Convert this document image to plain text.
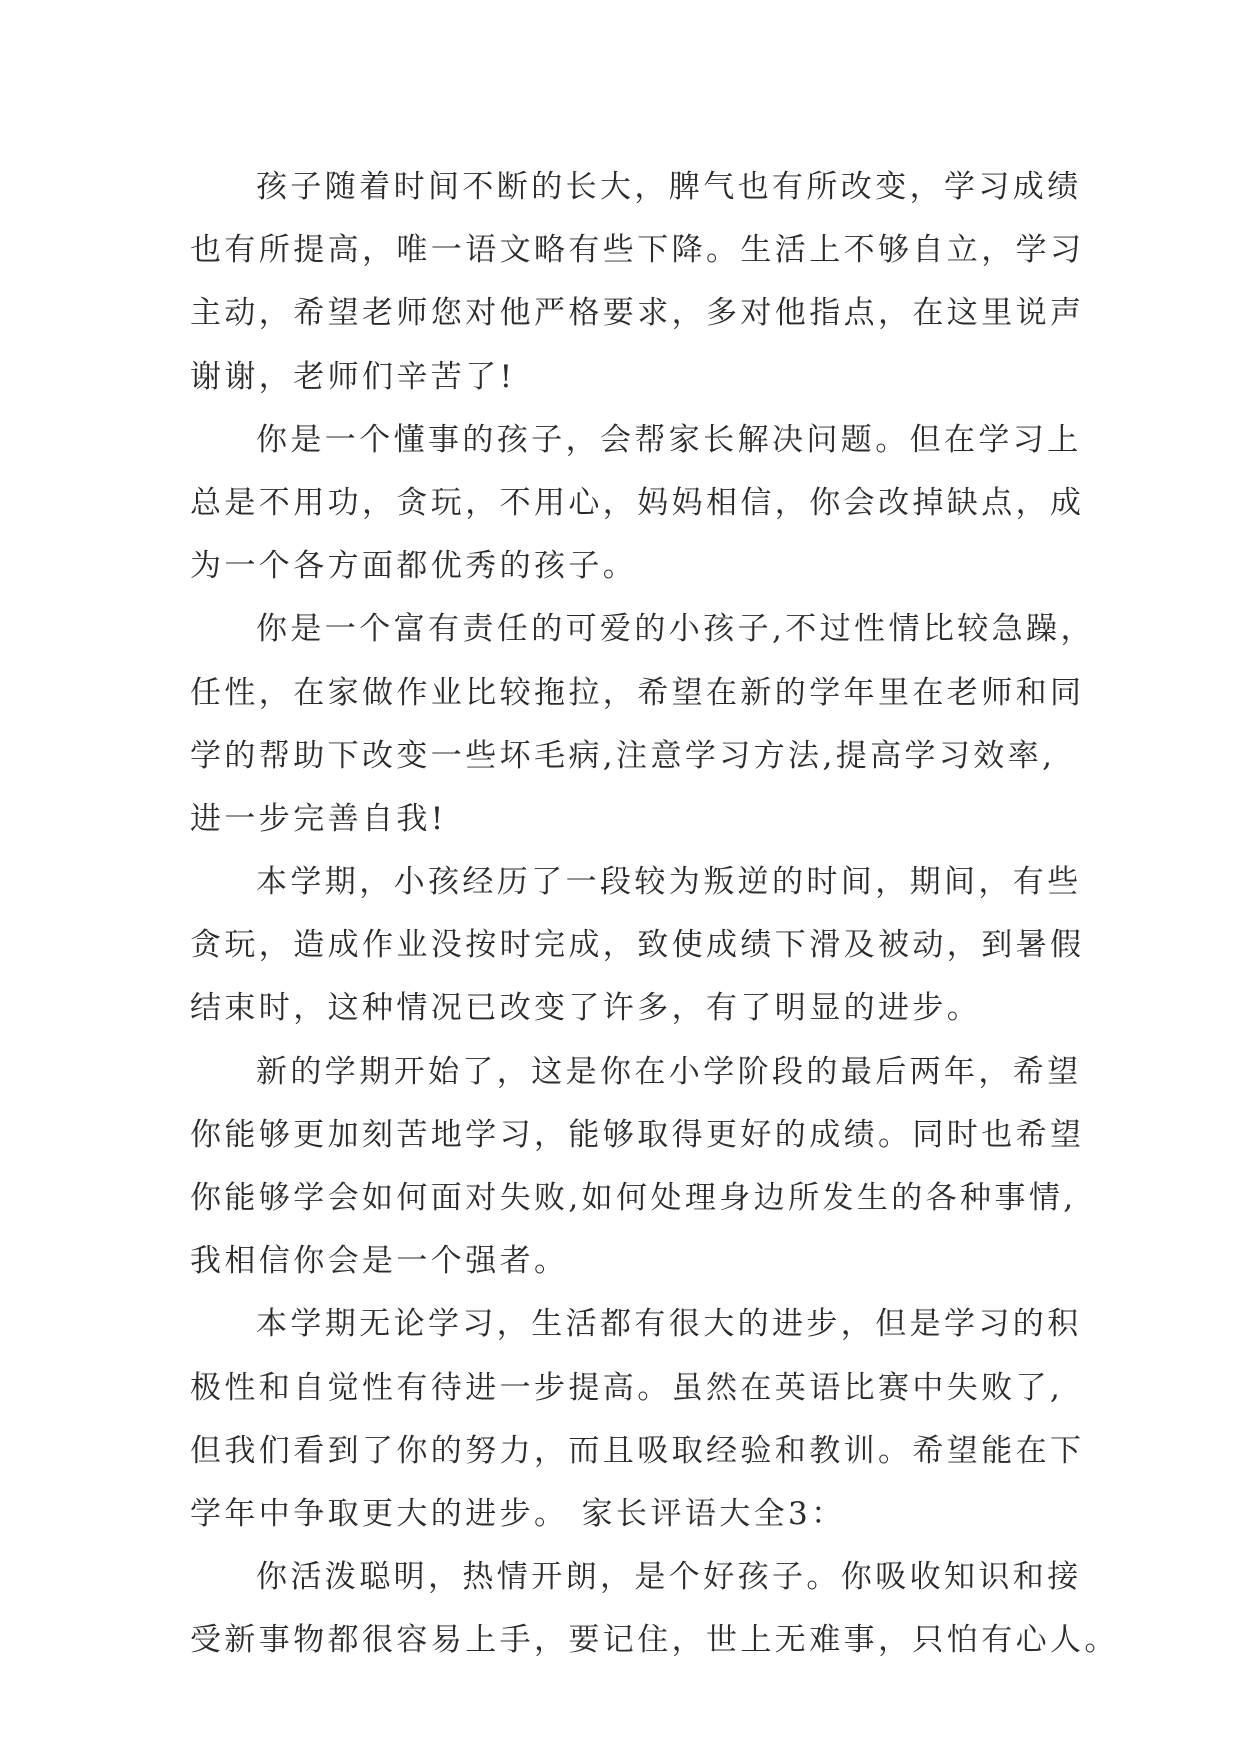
孩子随着时间不断的长大，脾气也有所改变，学习成绩
也有所提高，唯一语文略有些下降。生活上不够自立，学习
主动，希望老师您对他严格要求，多对他指点，在这里说声
谢谢，老师们辛苦了!
你是一个懂事的孩子，会帮家长解决问题。但在学习上
总是不用功，贪玩，不用心，妈妈相信，你会改掉缺点，成
为一个各方面都优秀的孩子。
你是一个富有责任的可爱的小孩子,不过性情比较急躁，
任性，在家做作业比较拖拉，希望在新的学年里在老师和同
学的帮助下改变一些坏毛病,注意学习方法,提高学习效率,
进一步完善自我!
本学期，小孩经历了一段较为叛逆的时间，期间，有些
贪玩，造成作业没按时完成，致使成绩下滑及被动，到暑假
结束时，这种情况已改变了许多，有了明显的进步。
新的学期开始了，这是你在小学阶段的最后两年，希望
你能够更加刻苦地学习，能够取得更好的成绩。同时也希望
你能够学会如何面对失败,如何处理身边所发生的各种事情,
我相信你会是一个强者。
本学期无论学习，生活都有很大的进步，但是学习的积
极性和自觉性有待进一步提高。虽然在英语比赛中失败了,
但我们看到了你的努力，而且吸取经验和教训。希望能在下
学年中争取更大的进步。 家长评语大全3：
你活泼聪明，热情开朗，是个好孩子。你吸收知识和接
受新事物都很容易上手，要记住，世上无难事，只怕有心人。
